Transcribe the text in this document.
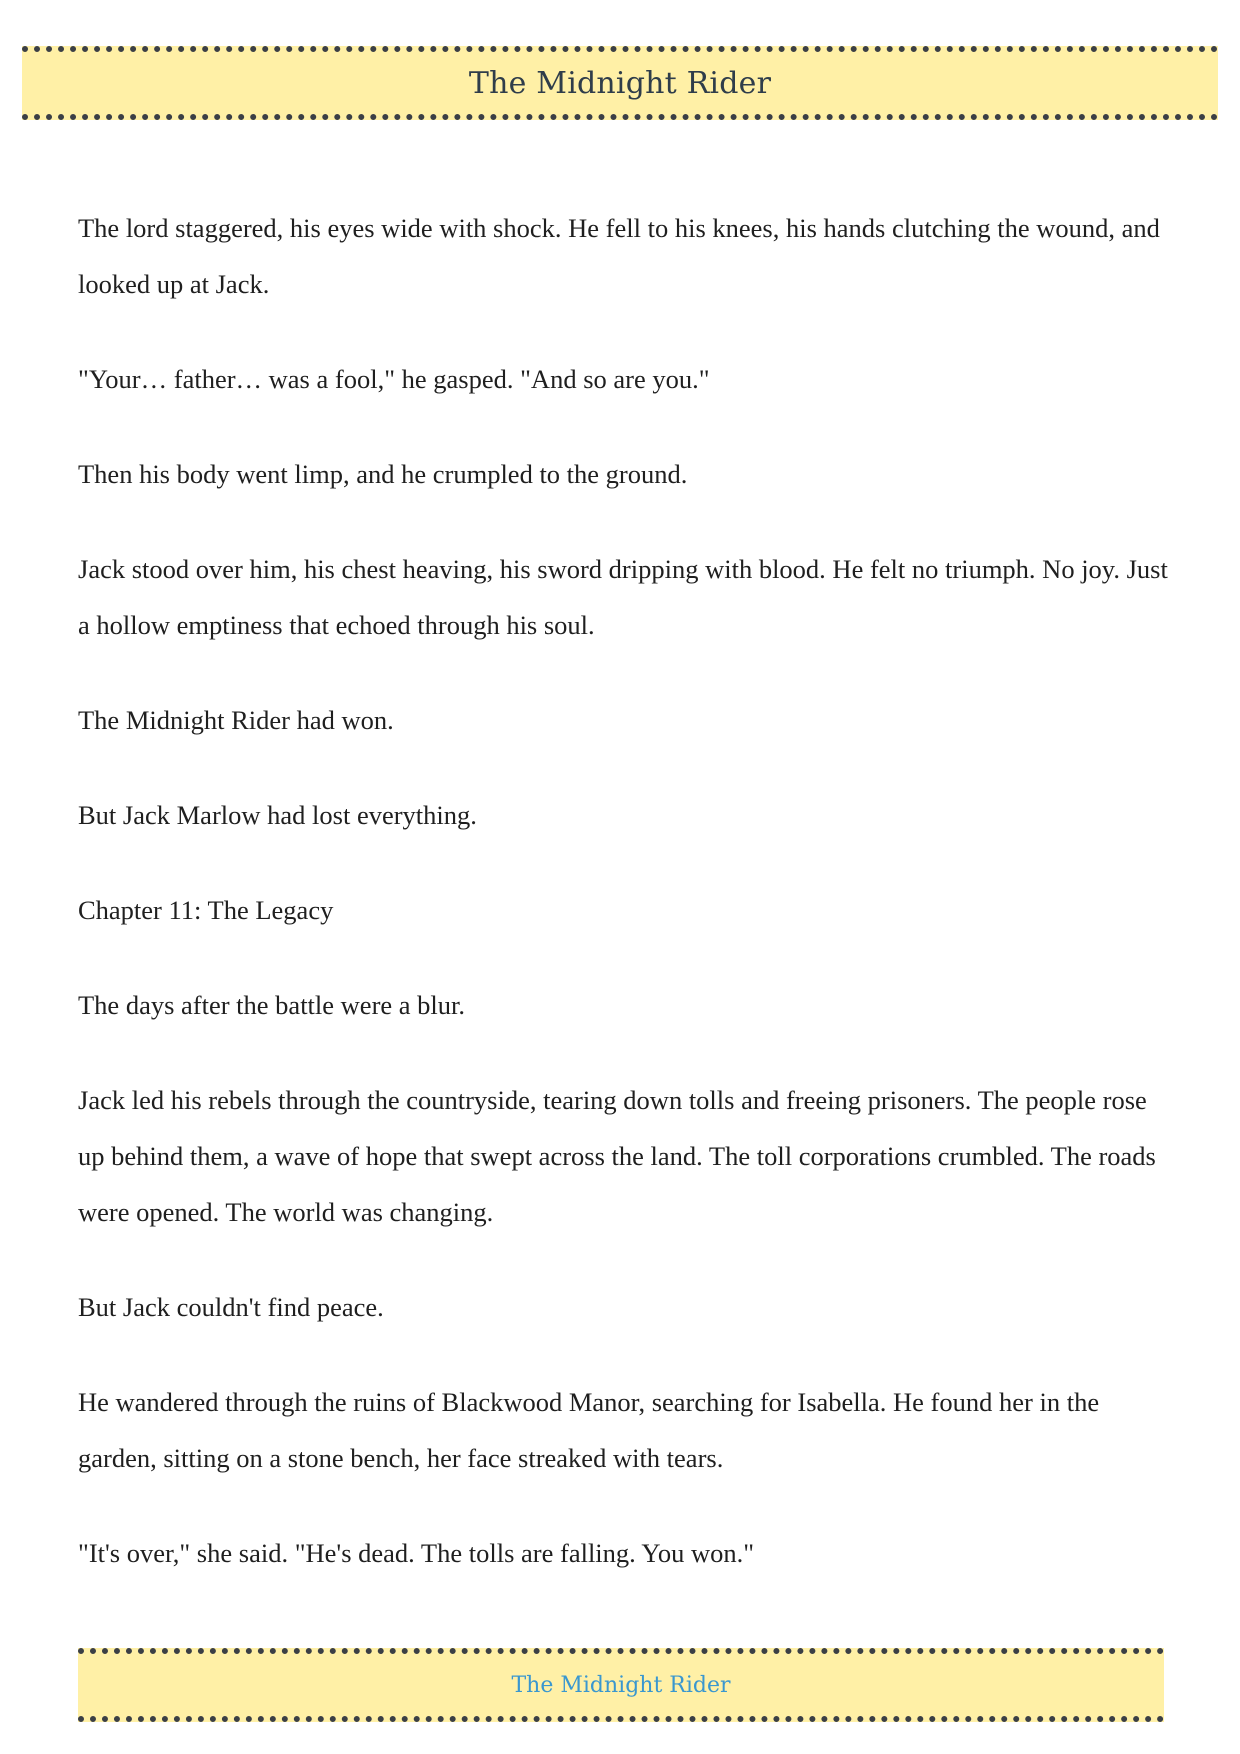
The Midnight Rider

The lord staggered, his eyes wide with shock. He fell to his knees, his hands clutching the wound, and looked up at Jack.

"Your… father… was a fool," he gasped. "And so are you."

Then his body went limp, and he crumpled to the ground.

Jack stood over him, his chest heaving, his sword dripping with blood. He felt no triumph. No joy. Just a hollow emptiness that echoed through his soul.

The Midnight Rider had won.

But Jack Marlow had lost everything.

Chapter 11: The Legacy

The days after the battle were a blur.

Jack led his rebels through the countryside, tearing down tolls and freeing prisoners. The people rose up behind them, a wave of hope that swept across the land. The toll corporations crumbled. The roads were opened. The world was changing.

But Jack couldn't find peace.

He wandered through the ruins of Blackwood Manor, searching for Isabella. He found her in the garden, sitting on a stone bench, her face streaked with tears.

"It's over," she said. "He's dead. The tolls are falling. You won."

The Midnight Rider
